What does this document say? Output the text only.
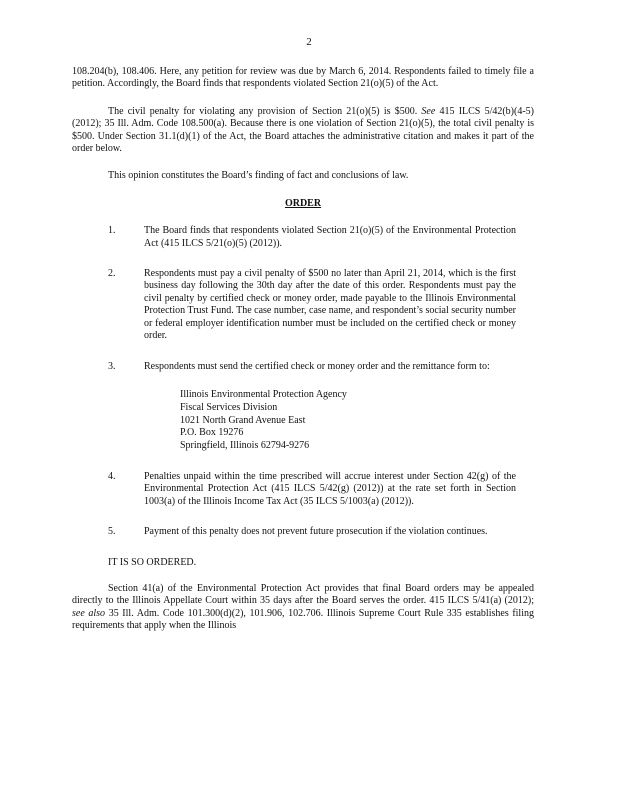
2

108.204(b), 108.406. Here, any petition for review was due by March 6, 2014. Respondents failed to timely file a petition. Accordingly, the Board finds that respondents violated Section 21(o)(5) of the Act.

The civil penalty for violating any provision of Section 21(o)(5) is $500. See 415 ILCS 5/42(b)(4-5) (2012); 35 Ill. Adm. Code 108.500(a). Because there is one violation of Section 21(o)(5), the total civil penalty is $500. Under Section 31.1(d)(1) of the Act, the Board attaches the administrative citation and makes it part of the order below.

This opinion constitutes the Board’s finding of fact and conclusions of law.

ORDER
1.	The Board finds that respondents violated Section 21(o)(5) of the Environmental Protection Act (415 ILCS 5/21(o)(5) (2012)).
2.	Respondents must pay a civil penalty of $500 no later than April 21, 2014, which is the first business day following the 30th day after the date of this order. Respondents must pay the civil penalty by certified check or money order, made payable to the Illinois Environmental Protection Trust Fund. The case number, case name, and respondent’s social security number or federal employer identification number must be included on the certified check or money order.
3.	Respondents must send the certified check or money order and the remittance form to:
Illinois Environmental Protection Agency
Fiscal Services Division
1021 North Grand Avenue East
P.O. Box 19276
Springfield, Illinois 62794-9276
4.	Penalties unpaid within the time prescribed will accrue interest under Section 42(g) of the Environmental Protection Act (415 ILCS 5/42(g) (2012)) at the rate set forth in Section 1003(a) of the Illinois Income Tax Act (35 ILCS 5/1003(a) (2012)).
5.	Payment of this penalty does not prevent future prosecution if the violation continues.
IT IS SO ORDERED.

Section 41(a) of the Environmental Protection Act provides that final Board orders may be appealed directly to the Illinois Appellate Court within 35 days after the Board serves the order. 415 ILCS 5/41(a) (2012); see also 35 Ill. Adm. Code 101.300(d)(2), 101.906, 102.706. Illinois Supreme Court Rule 335 establishes filing requirements that apply when the Illinois
